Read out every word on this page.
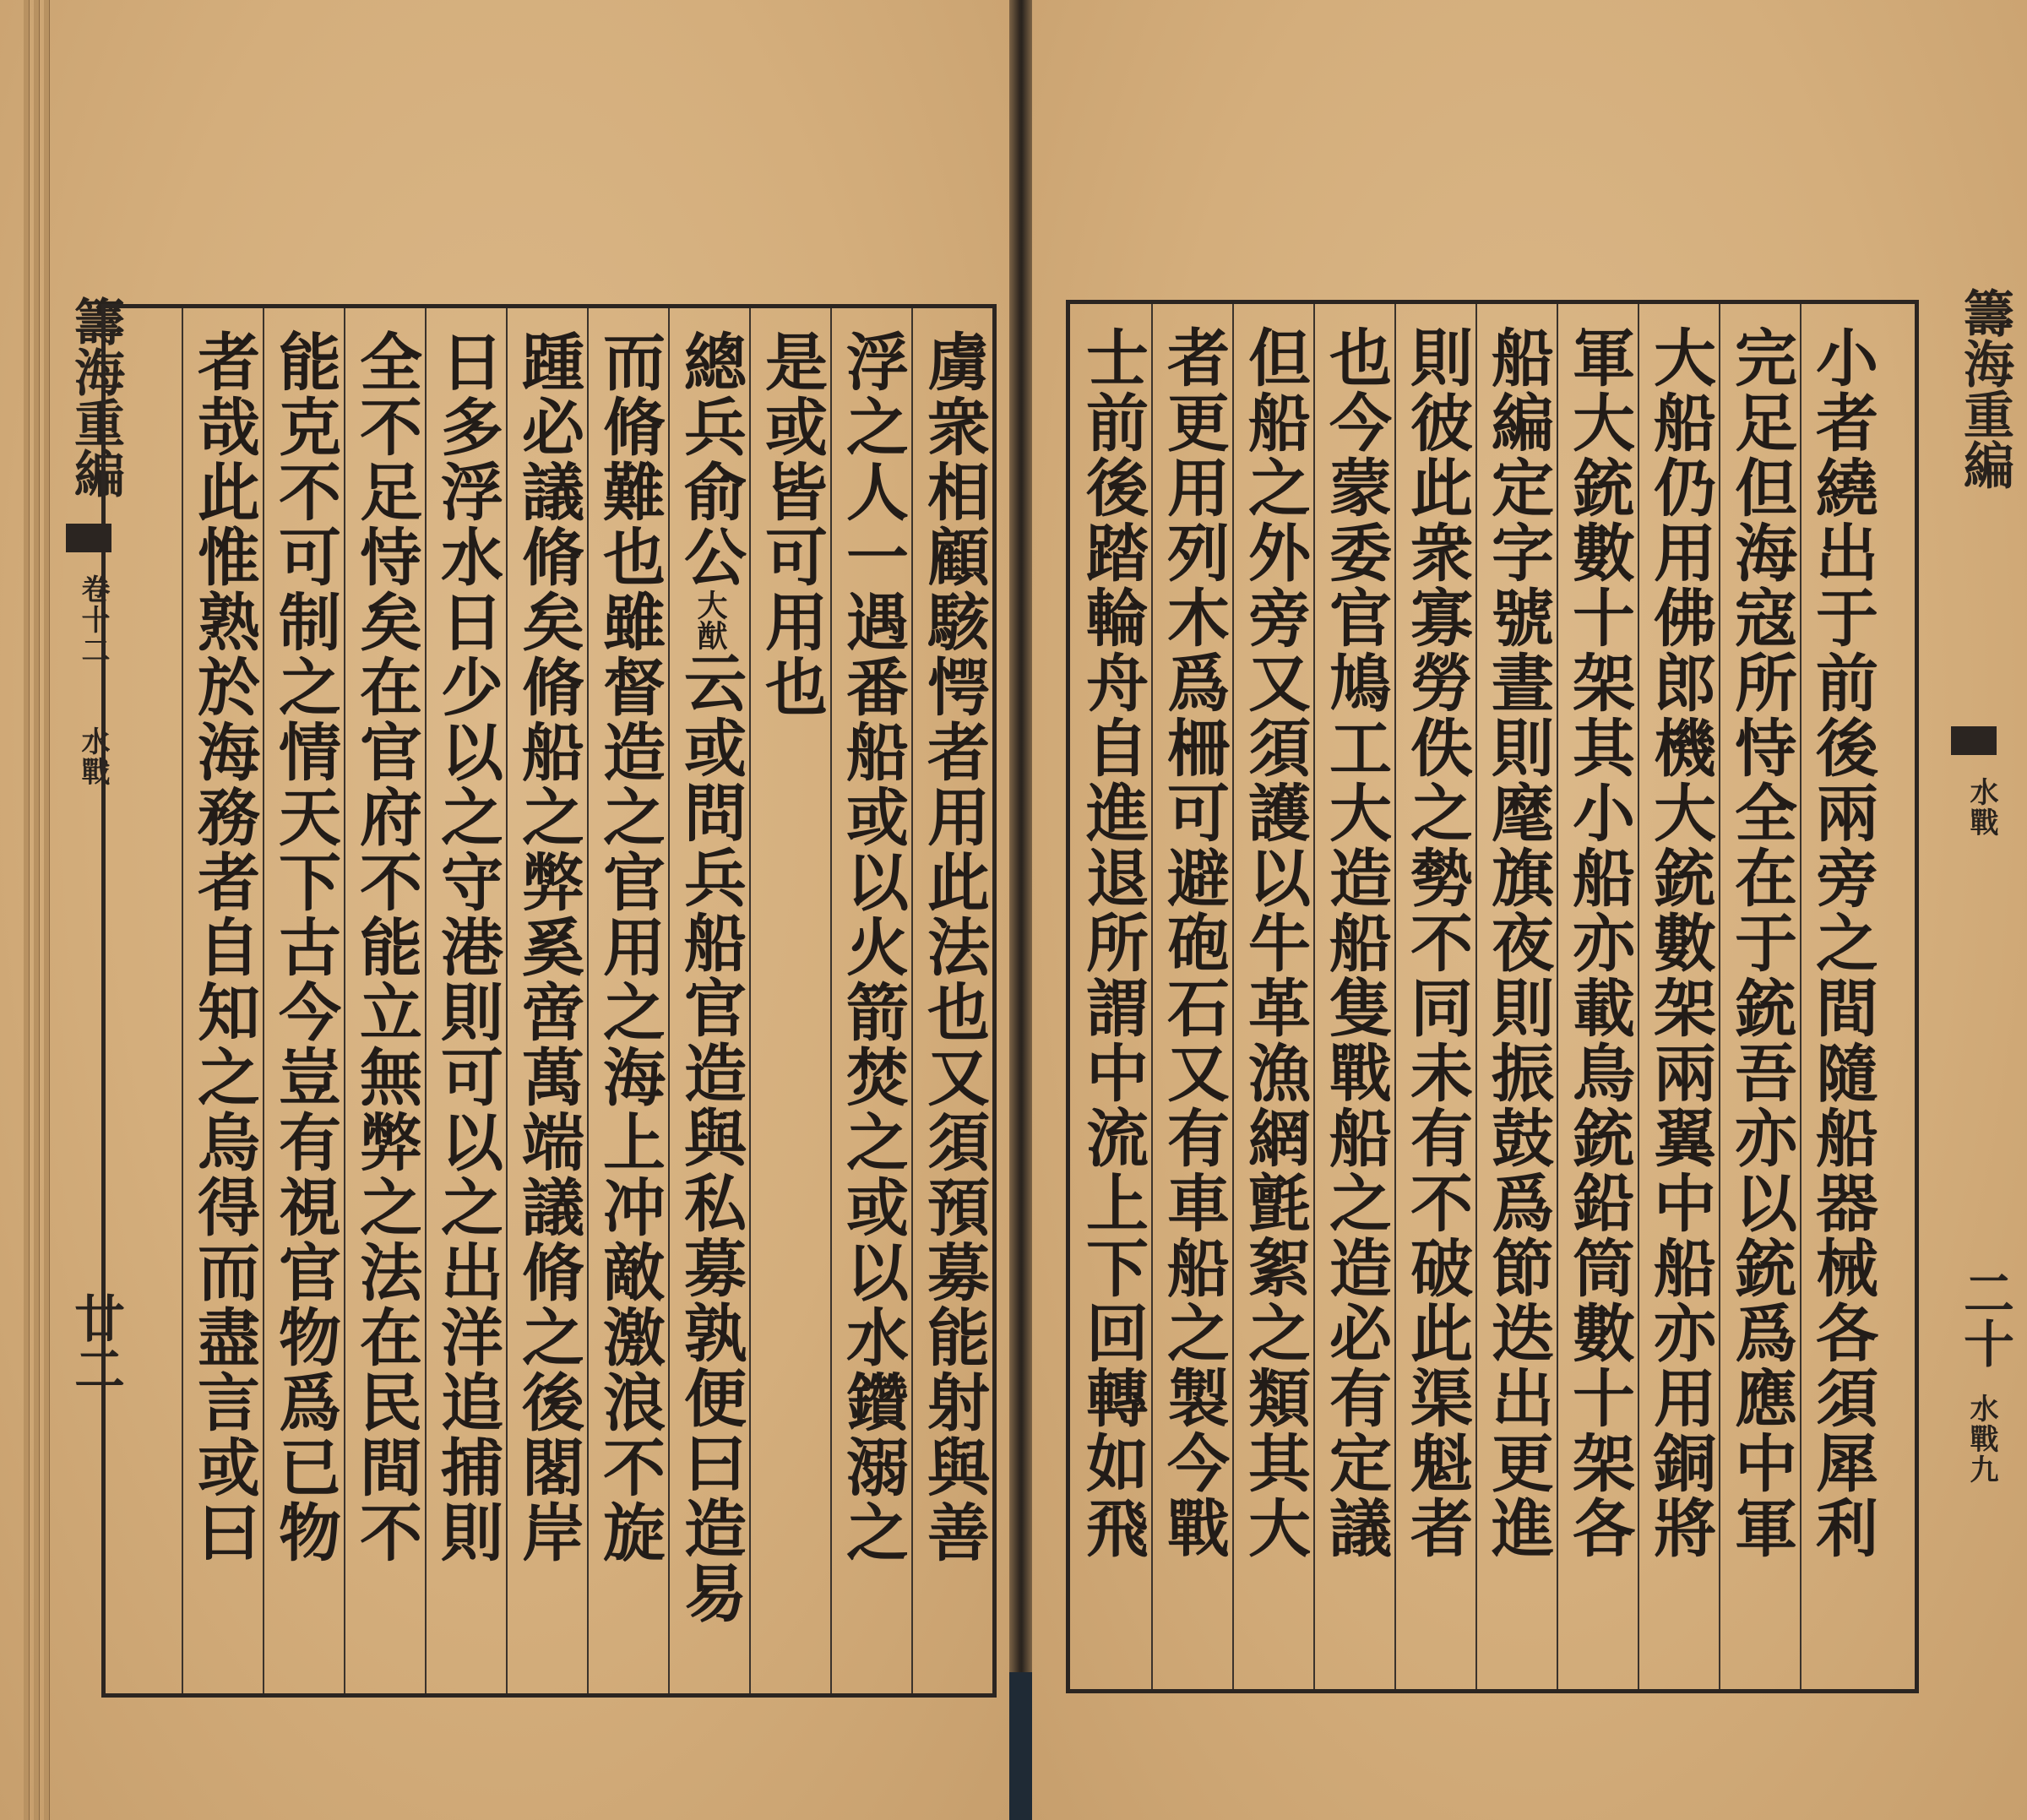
籌海重編
卷十二
水戰
廿二	虜衆相顧駭愕者用此法也又須預募能射與善
浮之人一遇番船或以火箭焚之或以水鑽溺之
是或皆可用也
總兵俞公大猷云或問兵船官造與私募孰便曰造易
而脩難也雖督造之官用之海上冲敵激浪不旋
踵必議脩矣脩船之弊奚啻萬端議脩之後閣岸
日多浮水日少以之守港則可以之出洋追捕則
全不足恃矣在官府不能立無弊之法在民間不
能克不可制之情天下古今豈有視官物爲已物
者哉此惟熟於海務者自知之烏得而盡言或曰	小者繞出于前後兩旁之間隨船器械各須犀利
完足但海寇所恃全在于銃吾亦以銃爲應中軍
大船仍用佛郎機大銃數架兩翼中船亦用銅將
軍大銃數十架其小船亦載鳥銃鉛筒數十架各
船編定字號晝則麾旗夜則振鼓爲節迭出更進
則彼此衆寡勞佚之勢不同未有不破此渠魁者
也今蒙委官鳩工大造船隻戰船之造必有定議
但船之外旁又須護以牛革漁網氈絮之類其大
者更用列木爲柵可避砲石又有車船之製今戰
士前後踏輪舟自進退所謂中流上下回轉如飛	籌海重編
水戰
二十
水戰九
